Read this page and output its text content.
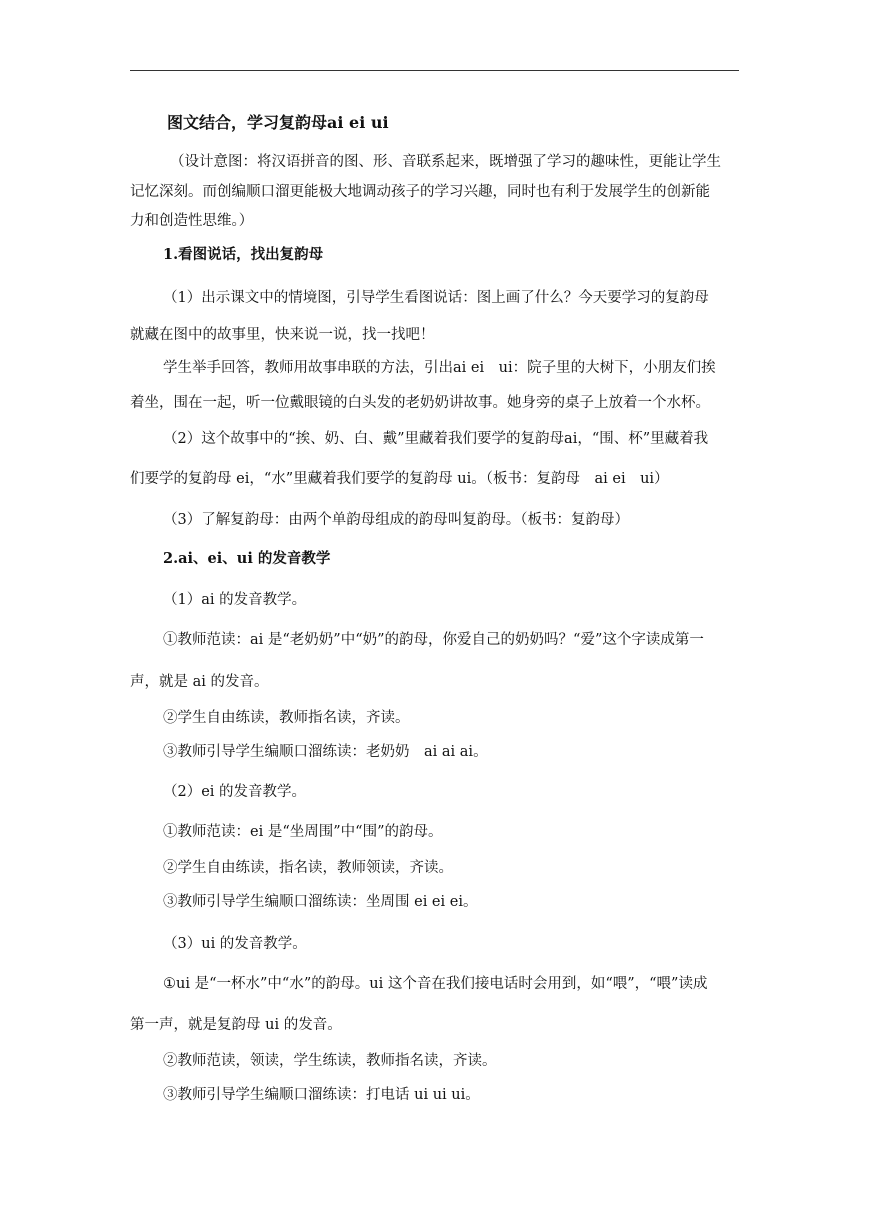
图文结合，学习复韵母ai ei ui
（设计意图：将汉语拼音的图、形、音联系起来，既增强了学习的趣味性，更能让学生
记忆深刻。而创编顺口溜更能极大地调动孩子的学习兴趣，同时也有利于发展学生的创新能
力和创造性思维。）
1.看图说话，找出复韵母
（1）出示课文中的情境图，引导学生看图说话：图上画了什么？今天要学习的复韵母
就藏在图中的故事里，快来说一说，找一找吧！
学生举手回答，教师用故事串联的方法，引出ai ei　ui：院子里的大树下，小朋友们挨
着坐，围在一起，听一位戴眼镜的白头发的老奶奶讲故事。她身旁的桌子上放着一个水杯。
（2）这个故事中的“挨、奶、白、戴”里藏着我们要学的复韵母ai，“围、杯”里藏着我
们要学的复韵母 ei，“水”里藏着我们要学的复韵母 ui。（板书：复韵母　ai ei　ui）
（3）了解复韵母：由两个单韵母组成的韵母叫复韵母。（板书：复韵母）
2.ai、ei、ui 的发音教学
（1）ai 的发音教学。
①教师范读：ai 是“老奶奶”中“奶”的韵母，你爱自己的奶奶吗？“爱”这个字读成第一
声，就是 ai 的发音。
②学生自由练读，教师指名读，齐读。
③教师引导学生编顺口溜练读：老奶奶　ai ai ai。
（2）ei 的发音教学。
①教师范读：ei 是“坐周围”中“围”的韵母。
②学生自由练读，指名读，教师领读，齐读。
③教师引导学生编顺口溜练读：坐周围 ei ei ei。
（3）ui 的发音教学。
①ui 是“一杯水”中“水”的韵母。ui 这个音在我们接电话时会用到，如“喂”，“喂”读成
第一声，就是复韵母 ui 的发音。
②教师范读，领读，学生练读，教师指名读，齐读。
③教师引导学生编顺口溜练读：打电话 ui ui ui。
